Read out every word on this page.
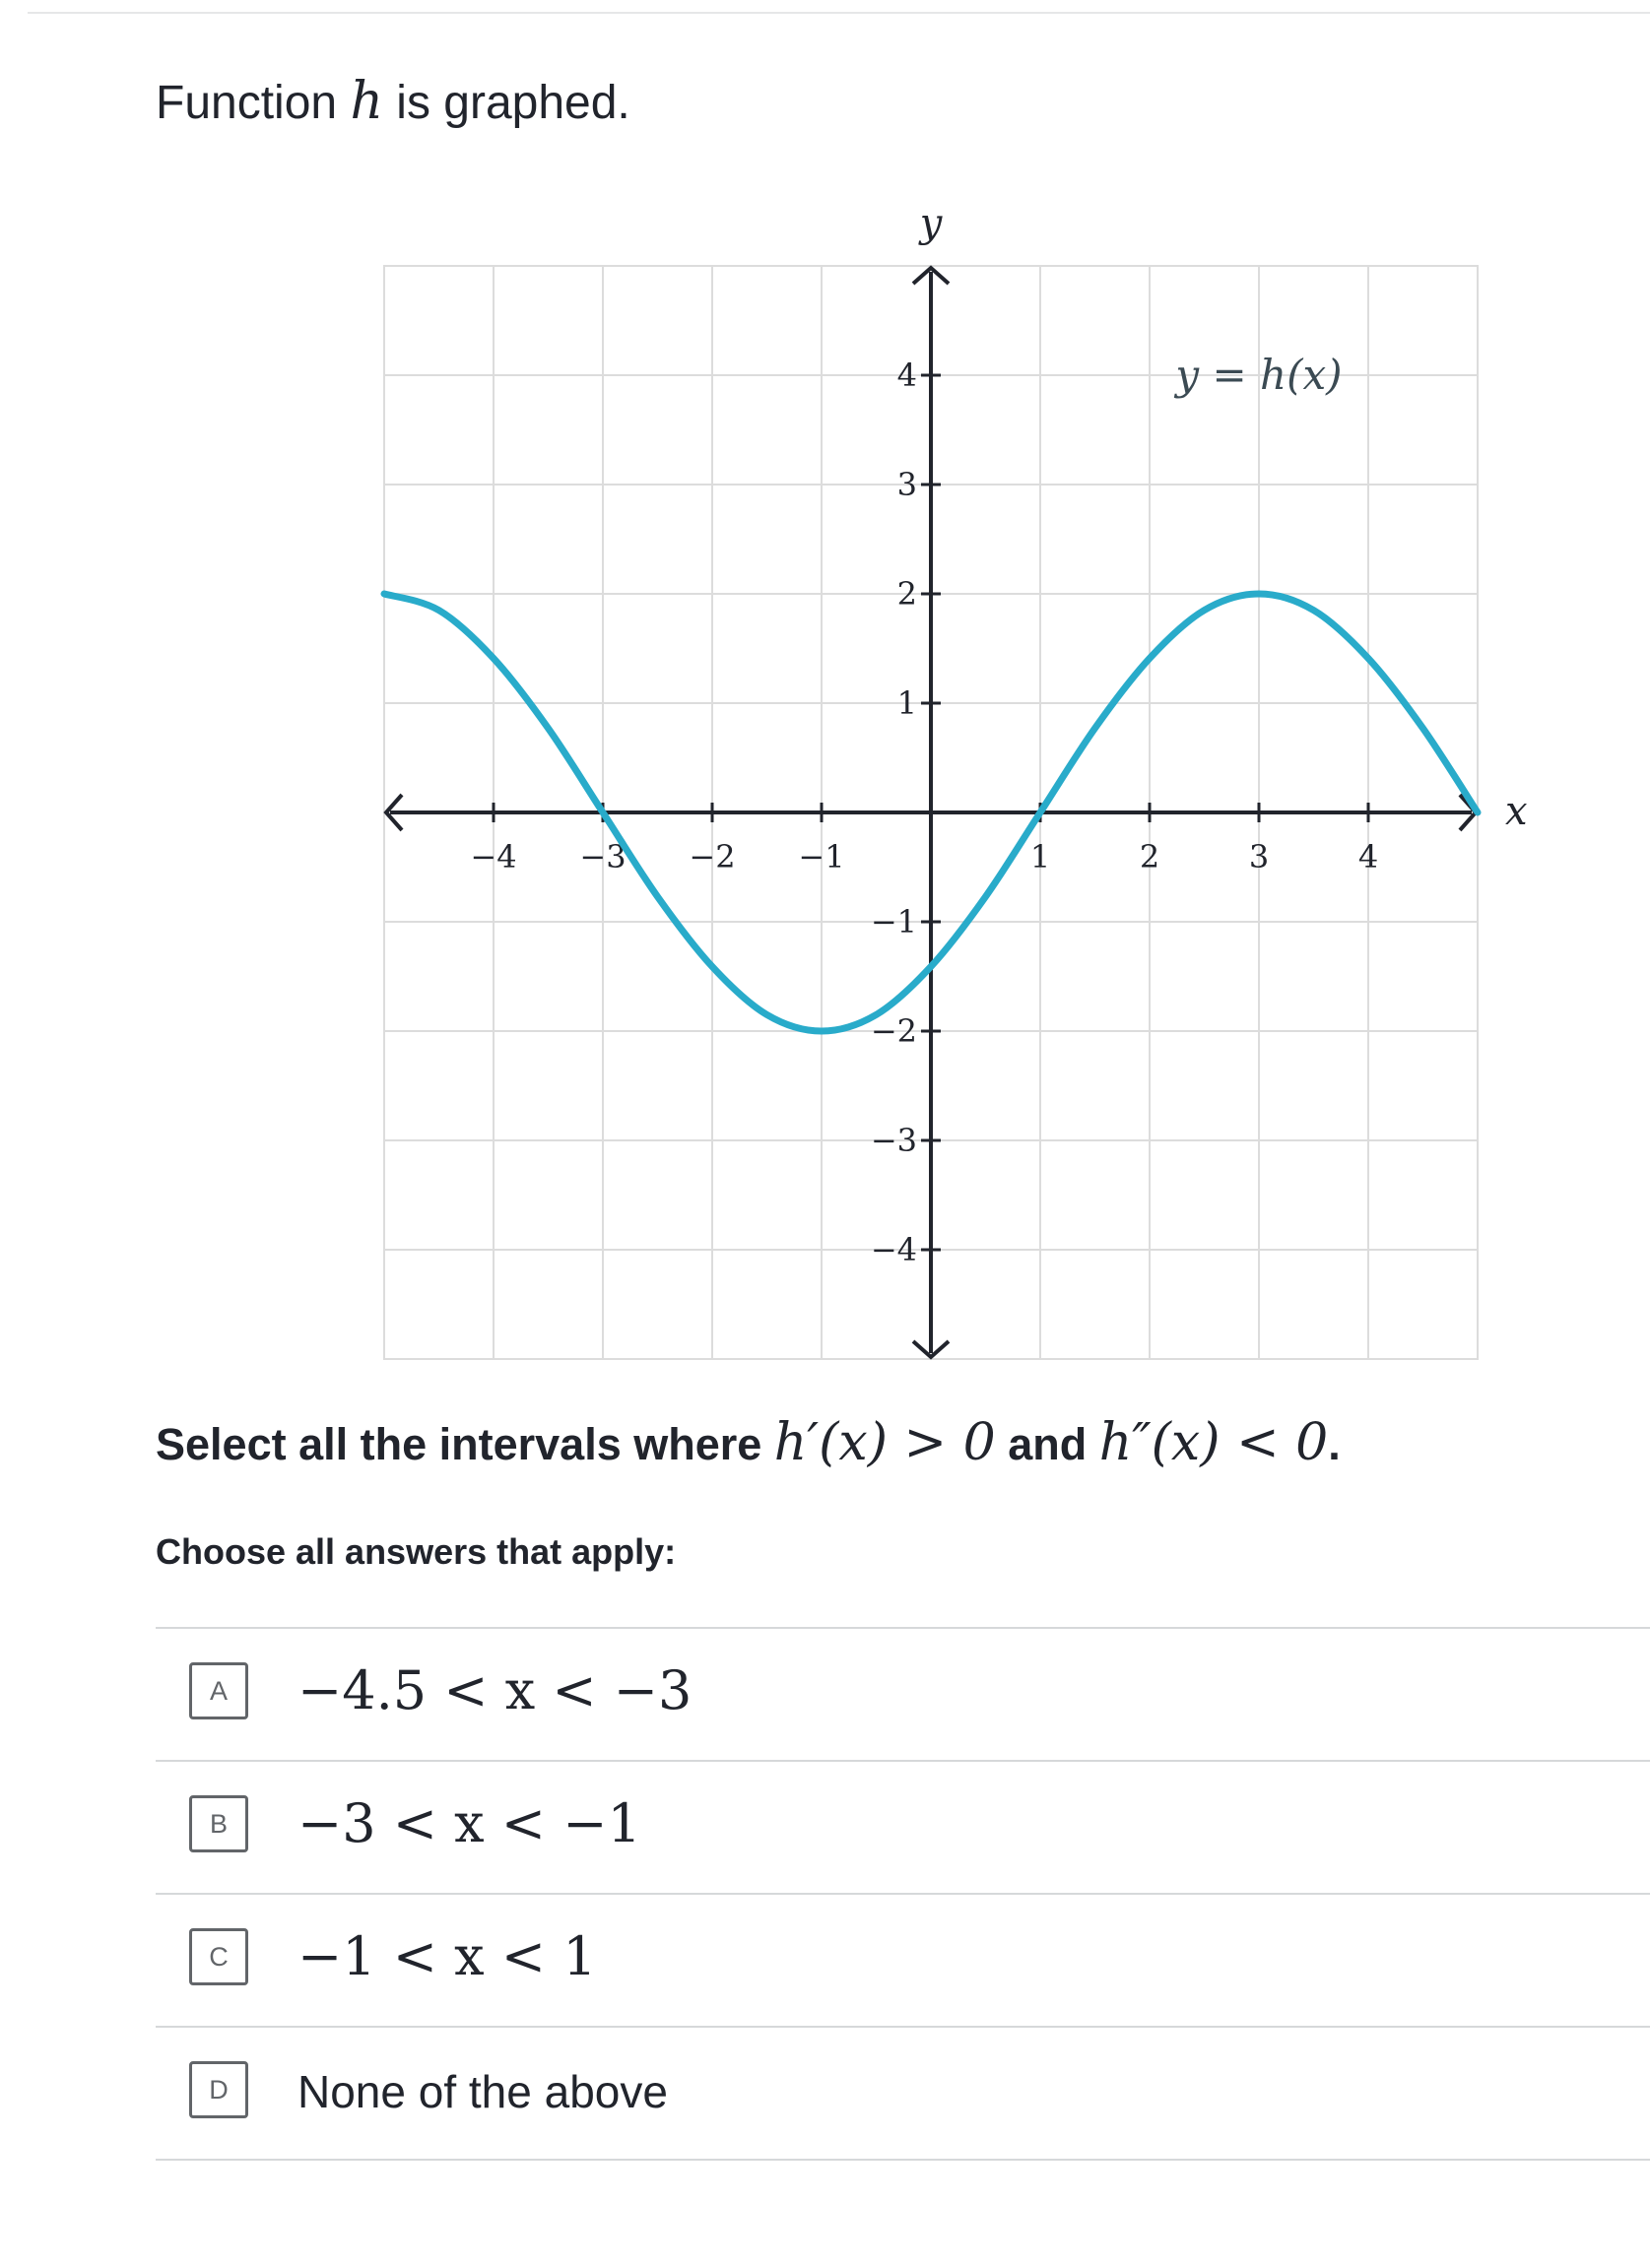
Function h is graphed.
−4 −3 −2 −1	1	2	3	4
−4
−3
−2
−1
1
2
3
4
x
y
y = h(x)
Select all the intervals where h′(x) > 0 and h″(x) < 0.
Choose all answers that apply:
A	−4.5 < x < −3
B	−3 < x < −1
C	−1 < x < 1
D	None of the above
